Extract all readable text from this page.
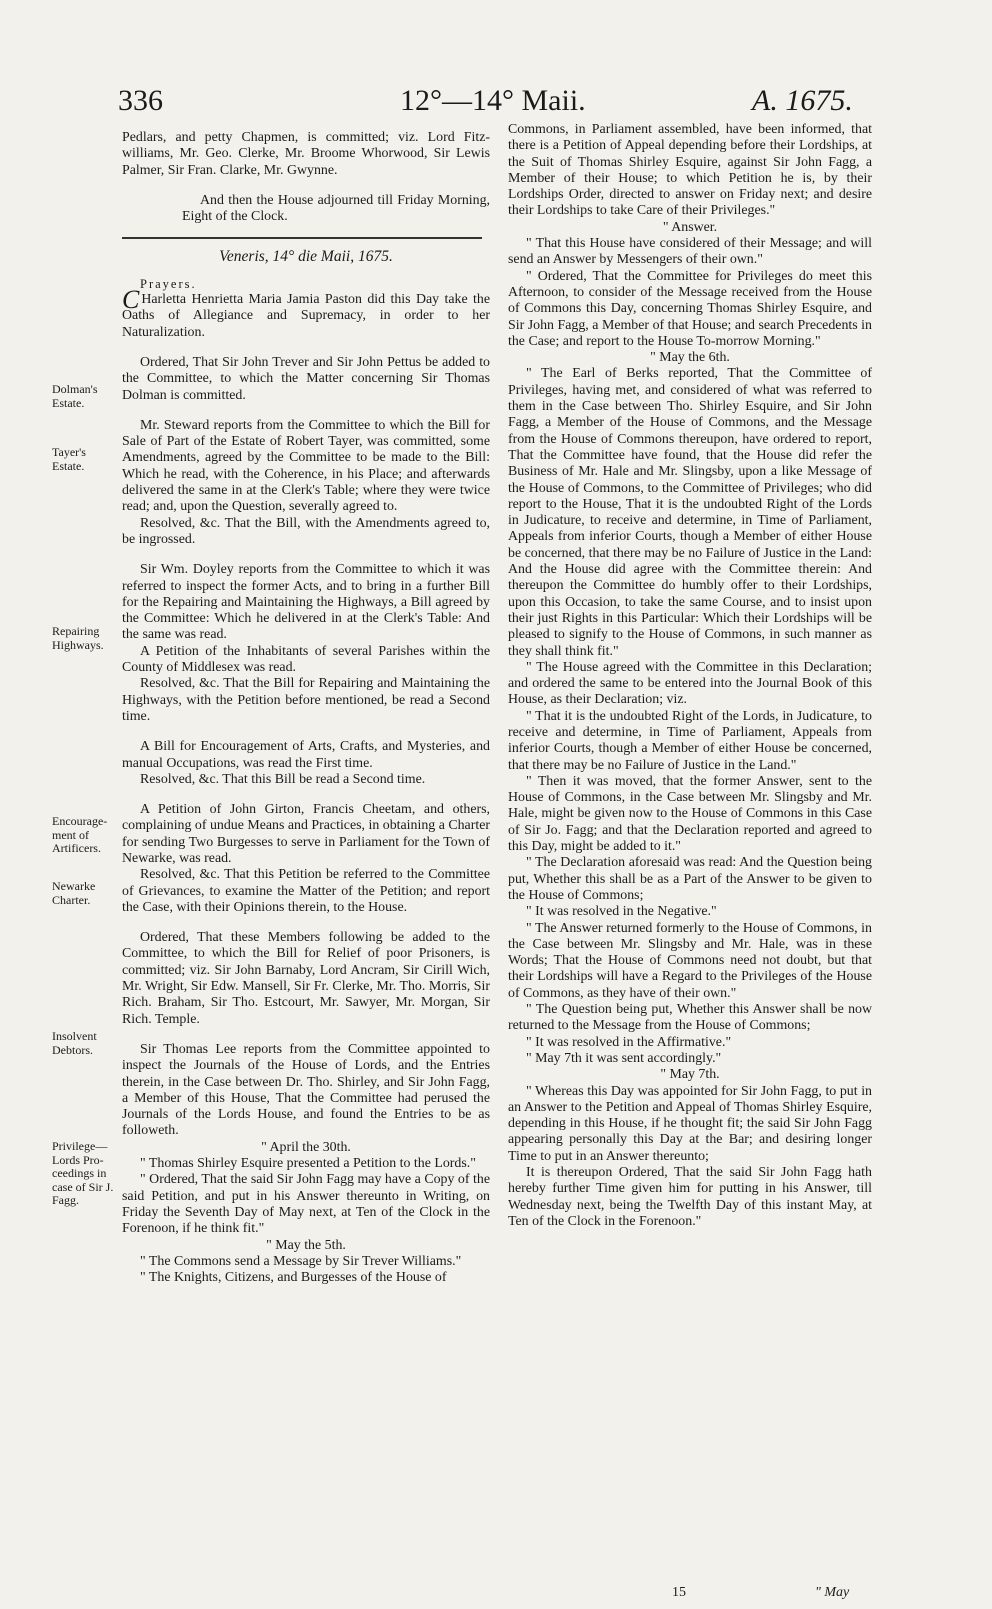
336	12°—14° Maii.	A. 1675.
Dolman's Estate.
Tayer's Estate.
Repairing Highways.
Encourage- ment of Artificers.
Newarke Charter.
Insolvent Debtors.
Privilege— Lords Pro- ceedings in case of Sir J. Fagg.

Pedlars, and petty Chapmen, is committed; viz. Lord Fitz-williams, Mr. Geo. Clerke, Mr. Broome Whorwood, Sir Lewis Palmer, Sir Fran. Clarke, Mr. Gwynne.

And then the House adjourned till Friday Morning, Eight of the Clock.

Veneris, 14° die Maii, 1675.

Prayers.

C Harletta Henrietta Maria Jamia Paston did this Day take the Oaths of Allegiance and Supremacy, in order to her Naturalization.

Ordered, That Sir John Trever and Sir John Pettus be added to the Committee, to which the Matter concerning Sir Thomas Dolman is committed.

Mr. Steward reports from the Committee to which the Bill for Sale of Part of the Estate of Robert Tayer, was committed, some Amendments, agreed by the Committee to be made to the Bill: Which he read, with the Coherence, in his Place; and afterwards delivered the same in at the Clerk's Table; where they were twice read; and, upon the Question, severally agreed to.

Resolved, &c. That the Bill, with the Amendments agreed to, be ingrossed.

Sir Wm. Doyley reports from the Committee to which it was referred to inspect the former Acts, and to bring in a further Bill for the Repairing and Maintaining the Highways, a Bill agreed by the Committee: Which he delivered in at the Clerk's Table: And the same was read.

A Petition of the Inhabitants of several Parishes within the County of Middlesex was read.

Resolved, &c. That the Bill for Repairing and Maintaining the Highways, with the Petition before mentioned, be read a Second time.

A Bill for Encouragement of Arts, Crafts, and Mysteries, and manual Occupations, was read the First time.

Resolved, &c. That this Bill be read a Second time.

A Petition of John Girton, Francis Cheetam, and others, complaining of undue Means and Practices, in obtaining a Charter for sending Two Burgesses to serve in Parliament for the Town of Newarke, was read.

Resolved, &c. That this Petition be referred to the Committee of Grievances, to examine the Matter of the Petition; and report the Case, with their Opinions therein, to the House.

Ordered, That these Members following be added to the Committee, to which the Bill for Relief of poor Prisoners, is committed; viz. Sir John Barnaby, Lord Ancram, Sir Cirill Wich, Mr. Wright, Sir Edw. Mansell, Sir Fr. Clerke, Mr. Tho. Morris, Sir Rich. Braham, Sir Tho. Estcourt, Mr. Sawyer, Mr. Morgan, Sir Rich. Temple.

Sir Thomas Lee reports from the Committee appointed to inspect the Journals of the House of Lords, and the Entries therein, in the Case between Dr. Tho. Shirley, and Sir John Fagg, a Member of this House, That the Committee had perused the Journals of the Lords House, and found the Entries to be as followeth.

" April the 30th.

" Thomas Shirley Esquire presented a Petition to the Lords."

" Ordered, That the said Sir John Fagg may have a Copy of the said Petition, and put in his Answer thereunto in Writing, on Friday the Seventh Day of May next, at Ten of the Clock in the Forenoon, if he think fit."

" May the 5th.

" The Commons send a Message by Sir Trever Williams."

" The Knights, Citizens, and Burgesses of the House of

Commons, in Parliament assembled, have been informed, that there is a Petition of Appeal depending before their Lordships, at the Suit of Thomas Shirley Esquire, against Sir John Fagg, a Member of their House; to which Petition he is, by their Lordships Order, directed to answer on Friday next; and desire their Lordships to take Care of their Privileges."

" Answer.

" That this House have considered of their Message; and will send an Answer by Messengers of their own."

" Ordered, That the Committee for Privileges do meet this Afternoon, to consider of the Message received from the House of Commons this Day, concerning Thomas Shirley Esquire, and Sir John Fagg, a Member of that House; and search Precedents in the Case; and report to the House To-morrow Morning."

" May the 6th.

" The Earl of Berks reported, That the Committee of Privileges, having met, and considered of what was referred to them in the Case between Tho. Shirley Esquire, and Sir John Fagg, a Member of the House of Commons, and the Message from the House of Commons thereupon, have ordered to report, That the Committee have found, that the House did refer the Business of Mr. Hale and Mr. Slingsby, upon a like Message of the House of Commons, to the Committee of Privileges; who did report to the House, That it is the undoubted Right of the Lords in Judicature, to receive and determine, in Time of Parliament, Appeals from inferior Courts, though a Member of either House be concerned, that there may be no Failure of Justice in the Land: And the House did agree with the Committee therein: And thereupon the Committee do humbly offer to their Lordships, upon this Occasion, to take the same Course, and to insist upon their just Rights in this Particular: Which their Lordships will be pleased to signify to the House of Commons, in such manner as they shall think fit."

" The House agreed with the Committee in this Declaration; and ordered the same to be entered into the Journal Book of this House, as their Declaration; viz.

" That it is the undoubted Right of the Lords, in Judicature, to receive and determine, in Time of Parliament, Appeals from inferior Courts, though a Member of either House be concerned, that there may be no Failure of Justice in the Land."

" Then it was moved, that the former Answer, sent to the House of Commons, in the Case between Mr. Slingsby and Mr. Hale, might be given now to the House of Commons in this Case of Sir Jo. Fagg; and that the Declaration reported and agreed to this Day, might be added to it."

" The Declaration aforesaid was read: And the Question being put, Whether this shall be as a Part of the Answer to be given to the House of Commons;

" It was resolved in the Negative."

" The Answer returned formerly to the House of Commons, in the Case between Mr. Slingsby and Mr. Hale, was in these Words; That the House of Commons need not doubt, but that their Lordships will have a Regard to the Privileges of the House of Commons, as they have of their own."

" The Question being put, Whether this Answer shall be now returned to the Message from the House of Commons;

" It was resolved in the Affirmative."

" May 7th it was sent accordingly."

" May 7th.

" Whereas this Day was appointed for Sir John Fagg, to put in an Answer to the Petition and Appeal of Thomas Shirley Esquire, depending in this House, if he thought fit; the said Sir John Fagg appearing personally this Day at the Bar; and desiring longer Time to put in an Answer thereunto;

It is thereupon Ordered, That the said Sir John Fagg hath hereby further Time given him for putting in his Answer, till Wednesday next, being the Twelfth Day of this instant May, at Ten of the Clock in the Forenoon."

15	" May
